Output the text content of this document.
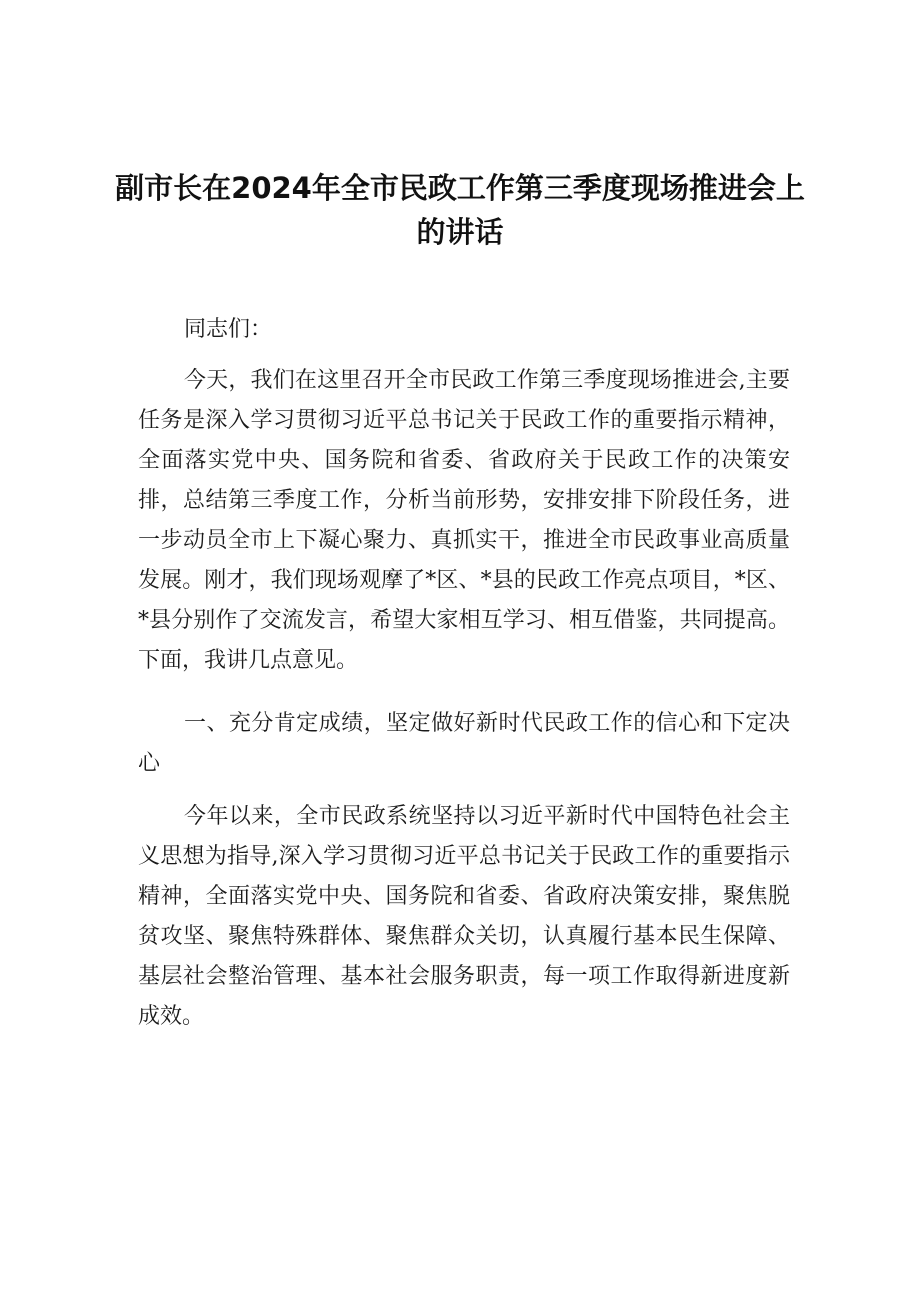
副市长在2024年全市民政工作第三季度现场推进会上的讲话

同志们：

今天，我们在这里召开全市民政工作第三季度现场推进会,主要任务是深入学习贯彻习近平总书记关于民政工作的重要指示精神，全面落实党中央、国务院和省委、省政府关于民政工作的决策安排，总结第三季度工作，分析当前形势，安排安排下阶段任务，进一步动员全市上下凝心聚力、真抓实干，推进全市民政事业高质量发展。刚才，我们现场观摩了*区、*县的民政工作亮点项目，*区、*县分别作了交流发言，希望大家相互学习、相互借鉴，共同提高。下面，我讲几点意见。

一、充分肯定成绩，坚定做好新时代民政工作的信心和下定决心

今年以来，全市民政系统坚持以习近平新时代中国特色社会主义思想为指导,深入学习贯彻习近平总书记关于民政工作的重要指示精神，全面落实党中央、国务院和省委、省政府决策安排，聚焦脱贫攻坚、聚焦特殊群体、聚焦群众关切，认真履行基本民生保障、基层社会整治管理、基本社会服务职责，每一项工作取得新进度新成效。
